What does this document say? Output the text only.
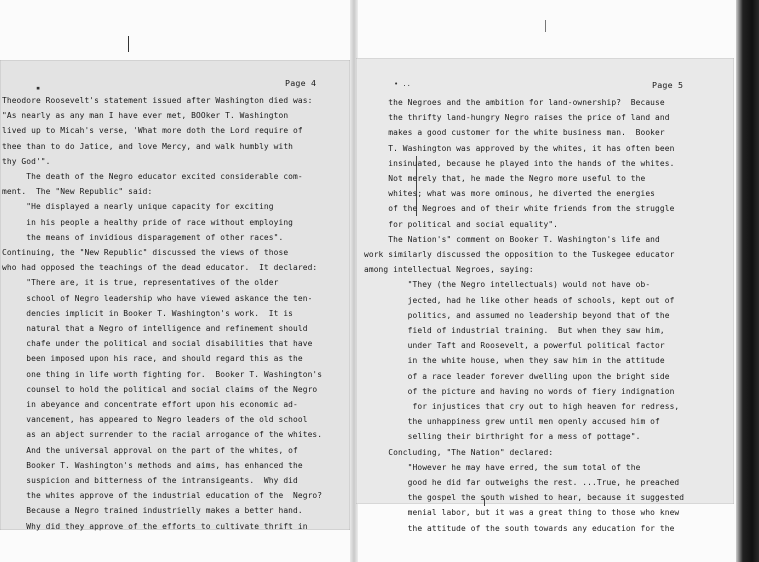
Page 4
▪
Theodore Roosevelt's statement issued after Washington died was:
"As nearly as any man I have ever met, BOOker T. Washington
lived up to Micah's verse, 'What more doth the Lord require of
thee than to do Jatice, and love Mercy, and walk humbly with
thy God'".
The death of the Negro educator excited considerable com-
ment.  The "New Republic" said:
"He displayed a nearly unique capacity for exciting
in his people a healthy pride of race without employing
the means of invidious disparagement of other races".
Continuing, the "New Republic" discussed the views of those
who had opposed the teachings of the dead educator.  It declared:
"There are, it is true, representatives of the older
school of Negro leadership who have viewed askance the ten-
dencies implicit in Booker T. Washington's work.  It is
natural that a Negro of intelligence and refinement should
chafe under the political and social disabilities that have
been imposed upon his race, and should regard this as the
one thing in life worth fighting for.  Booker T. Washington's
counsel to hold the political and social claims of the Negro
in abeyance and concentrate effort upon his economic ad-
vancement, has appeared to Negro leaders of the old school
as an abject surrender to the racial arrogance of the whites.
And the universal approval on the part of the whites, of
Booker T. Washington's methods and aims, has enhanced the
suspicion and bitterness of the intransigeants.  Why did
the whites approve of the industrial education of the  Negro?
Because a Negro trained industrielly makes a better hand.
Why did they approve of the efforts to cultivate thrift in
• ..	Page 5
the Negroes and the ambition for land-ownership?  Because
the thrifty land-hungry Negro raises the price of land and
makes a good customer for the white business man.  Booker
T. Washington was approved by the whites, it has often been
insinuated, because he played into the hands of the whites.
Not merely that, he made the Negro more useful to the
whites; what was more ominous, he diverted the energies
of the Negroes and of their white friends from the struggle
for political and social equality".
The Nation's" comment on Booker T. Washington's life and
work similarly discussed the opposition to the Tuskegee educator
among intellectual Negroes, saying:
"They (the Negro intellectuals) would not have ob-
jected, had he like other heads of schools, kept out of
politics, and assumed no leadership beyond that of the
field of industrial training.  But when they saw him,
under Taft and Roosevelt, a powerful political factor
in the white house, when they saw him in the attitude
of a race leader forever dwelling upon the bright side
of the picture and having no words of fiery indignation
for injustices that cry out to high heaven for redress,
the unhappiness grew until men openly accused him of
selling their birthright for a mess of pottage".
Concluding, "The Nation" declared:
"However he may have erred, the sum total of the
good he did far outweighs the rest. ...True, he preached
the gospel the south wished to hear, because it suggested
menial labor, but it was a great thing to those who knew
the attitude of the south towards any education for the
